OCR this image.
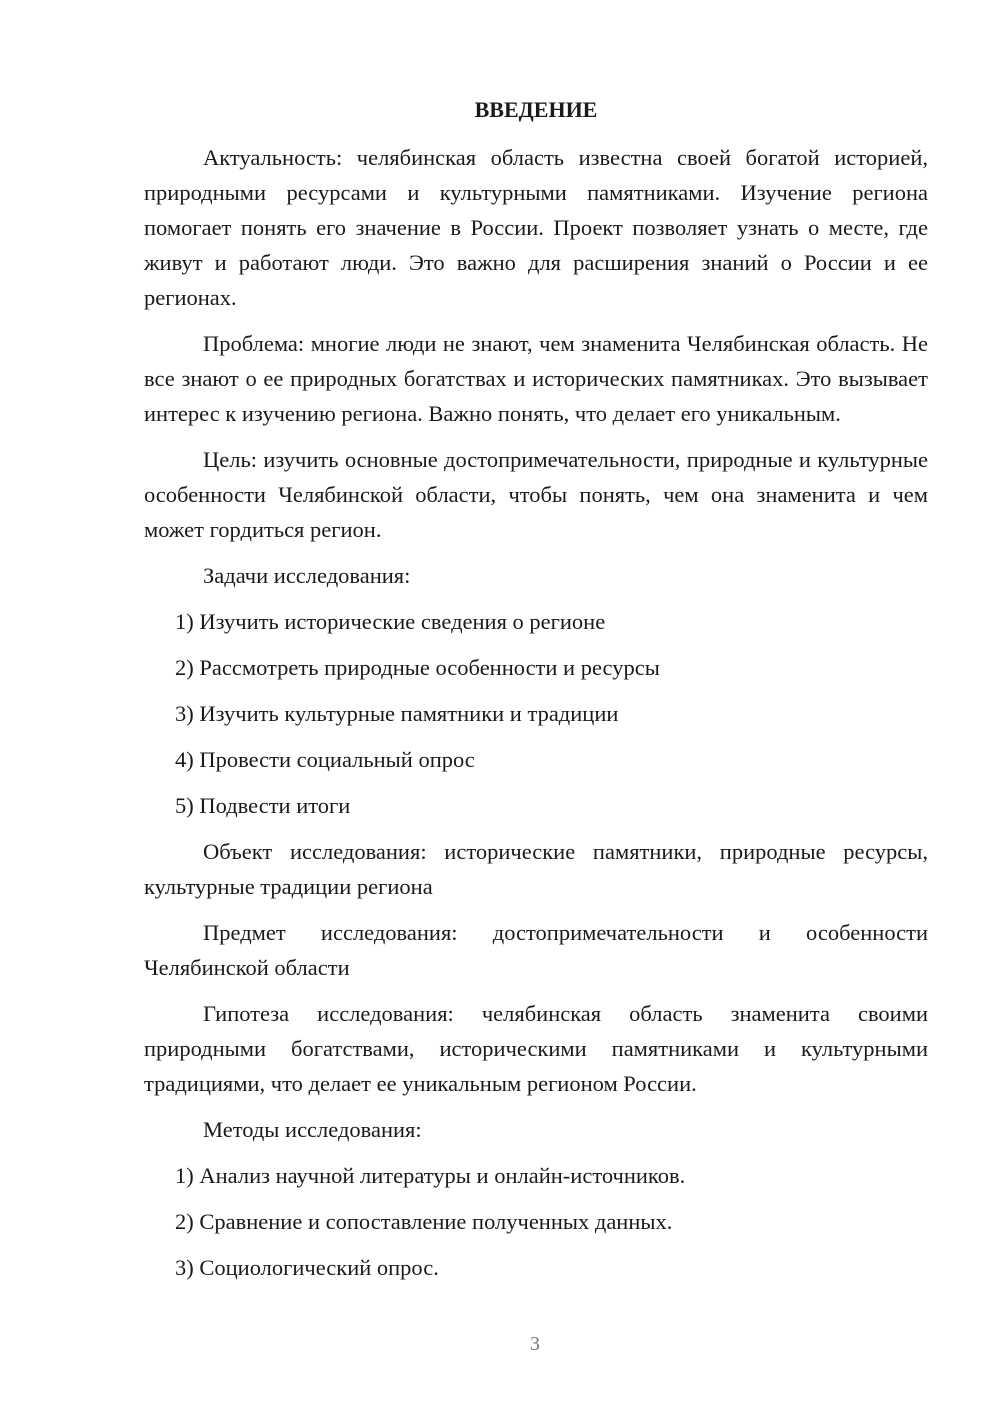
ВВЕДЕНИЕ

Актуальность: челябинская область известна своей богатой историей, природными ресурсами и культурными памятниками. Изучение региона помогает понять его значение в России. Проект позволяет узнать о месте, где живут и работают люди. Это важно для расширения знаний о России и ее регионах.

Проблема: многие люди не знают, чем знаменита Челябинская область. Не все знают о ее природных богатствах и исторических памятниках. Это вызывает интерес к изучению региона. Важно понять, что делает его уникальным.

Цель: изучить основные достопримечательности, природные и культурные особенности Челябинской области, чтобы понять, чем она знаменита и чем может гордиться регион.

Задачи исследования:

1) Изучить исторические сведения о регионе
2) Рассмотреть природные особенности и ресурсы
3) Изучить культурные памятники и традиции
4) Провести социальный опрос
5) Подвести итоги

Объект исследования: исторические памятники, природные ресурсы, культурные традиции региона

Предмет исследования: достопримечательности и особенности Челябинской области

Гипотеза исследования: челябинская область знаменита своими природными богатствами, историческими памятниками и культурными традициями, что делает ее уникальным регионом России.

Методы исследования:

1) Анализ научной литературы и онлайн-источников.
2) Сравнение и сопоставление полученных данных.
3) Социологический опрос.
3
